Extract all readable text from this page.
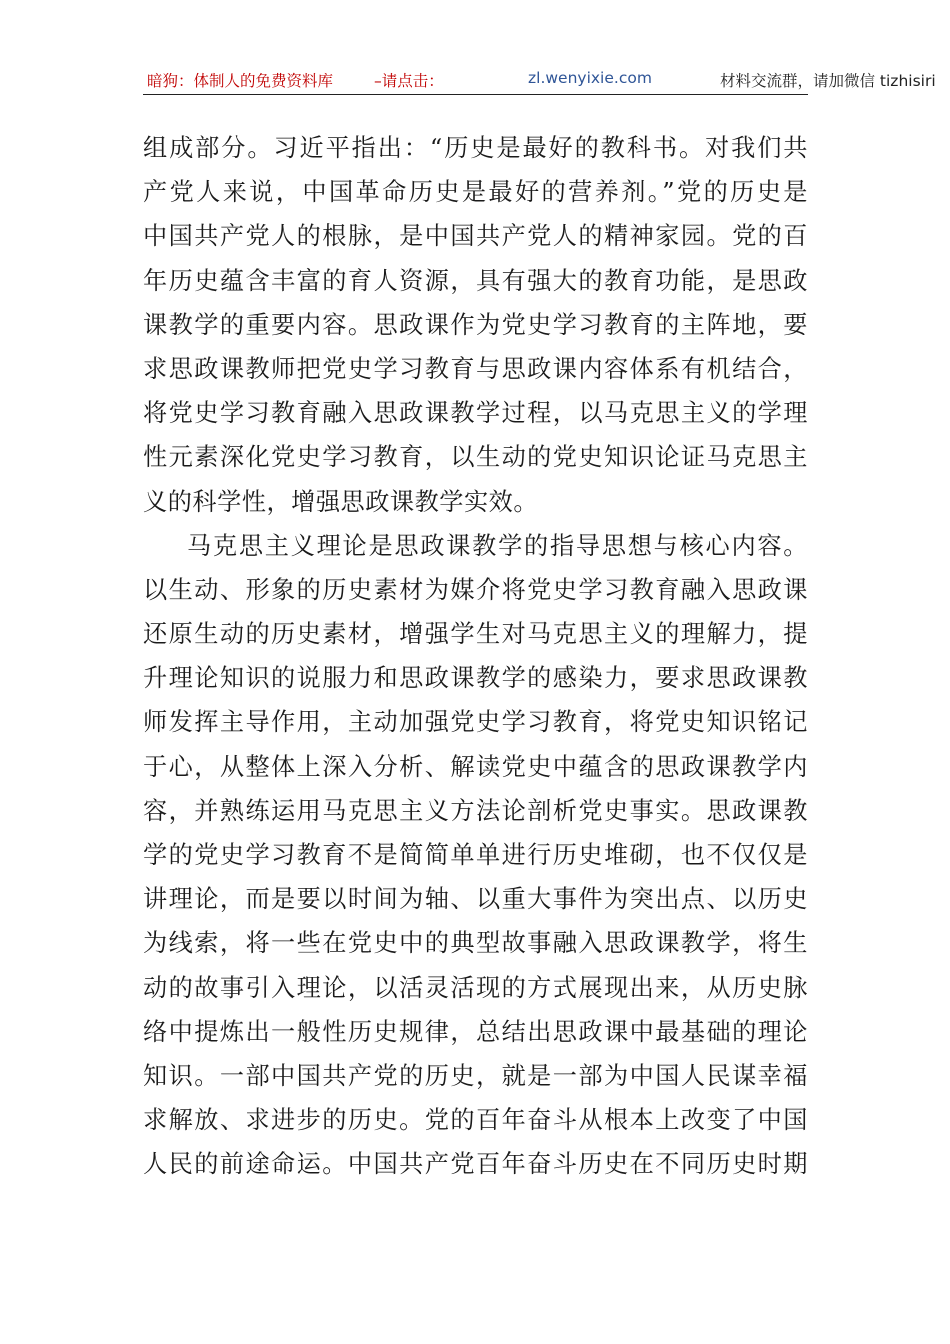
暗狗：体制人的免费资料库	–请点击：	zl.wenyixie.com	材料交流群，请加微信 tizhisiri
组成部分。习近平指出：“历史是最好的教科书。对我们共
产党人来说，中国革命历史是最好的营养剂。”党的历史是
中国共产党人的根脉，是中国共产党人的精神家园。党的百
年历史蕴含丰富的育人资源，具有强大的教育功能，是思政
课教学的重要内容。思政课作为党史学习教育的主阵地，要
求思政课教师把党史学习教育与思政课内容体系有机结合，
将党史学习教育融入思政课教学过程，以马克思主义的学理
性元素深化党史学习教育，以生动的党史知识论证马克思主
义的科学性，增强思政课教学实效。
马克思主义理论是思政课教学的指导思想与核心内容。
以生动、形象的历史素材为媒介将党史学习教育融入思政课
还原生动的历史素材，增强学生对马克思主义的理解力，提
升理论知识的说服力和思政课教学的感染力，要求思政课教
师发挥主导作用，主动加强党史学习教育，将党史知识铭记
于心，从整体上深入分析、解读党史中蕴含的思政课教学内
容，并熟练运用马克思主义方法论剖析党史事实。思政课教
学的党史学习教育不是简简单单进行历史堆砌，也不仅仅是
讲理论，而是要以时间为轴、以重大事件为突出点、以历史
为线索，将一些在党史中的典型故事融入思政课教学，将生
动的故事引入理论，以活灵活现的方式展现出来，从历史脉
络中提炼出一般性历史规律，总结出思政课中最基础的理论
知识。一部中国共产党的历史，就是一部为中国人民谋幸福
求解放、求进步的历史。党的百年奋斗从根本上改变了中国
人民的前途命运。中国共产党百年奋斗历史在不同历史时期
